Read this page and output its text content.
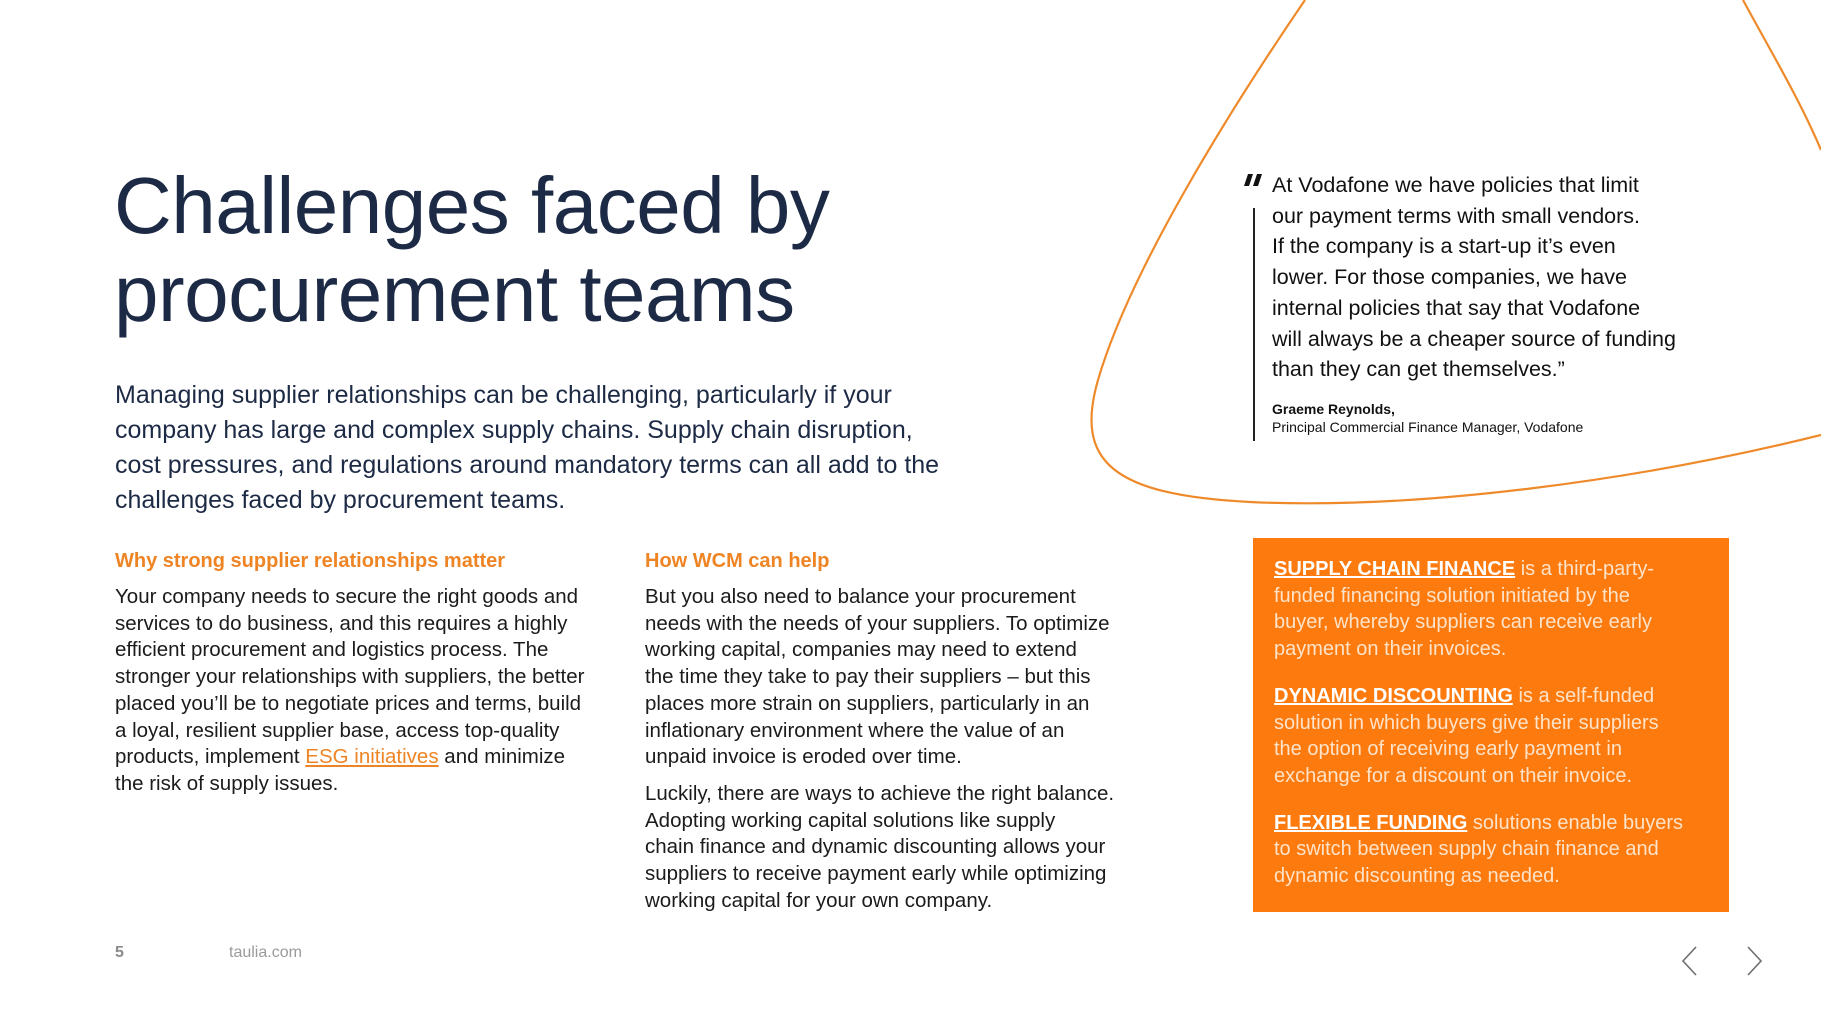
Challenges faced by
procurement teams

Managing supplier relationships can be challenging, particularly if your
company has large and complex supply chains. Supply chain disruption,
cost pressures, and regulations around mandatory terms can all add to the
challenges faced by procurement teams.

Why strong supplier relationships matter

Your company needs to secure the right goods and
services to do business, and this requires a highly
efficient procurement and logistics process. The
stronger your relationships with suppliers, the better
placed you’ll be to negotiate prices and terms, build
a loyal, resilient supplier base, access top-quality
products, implement ESG initiatives and minimize
the risk of supply issues.

How WCM can help

But you also need to balance your procurement
needs with the needs of your suppliers. To optimize
working capital, companies may need to extend
the time they take to pay their suppliers – but this
places more strain on suppliers, particularly in an
inflationary environment where the value of an
unpaid invoice is eroded over time.

Luckily, there are ways to achieve the right balance.
Adopting working capital solutions like supply
chain finance and dynamic discounting allows your
suppliers to receive payment early while optimizing
working capital for your own company.

At Vodafone we have policies that limit
our payment terms with small vendors.
If the company is a start-up it’s even
lower. For those companies, we have
internal policies that say that Vodafone
will always be a cheaper source of funding
than they can get themselves.”
Graeme Reynolds,
Principal Commercial Finance Manager, Vodafone

SUPPLY CHAIN FINANCE is a third-party-
funded financing solution initiated by the
buyer, whereby suppliers can receive early
payment on their invoices.

DYNAMIC DISCOUNTING is a self-funded
solution in which buyers give their suppliers
the option of receiving early payment in
exchange for a discount on their invoice.

FLEXIBLE FUNDING solutions enable buyers
to switch between supply chain finance and
dynamic discounting as needed.

5	taulia.com
